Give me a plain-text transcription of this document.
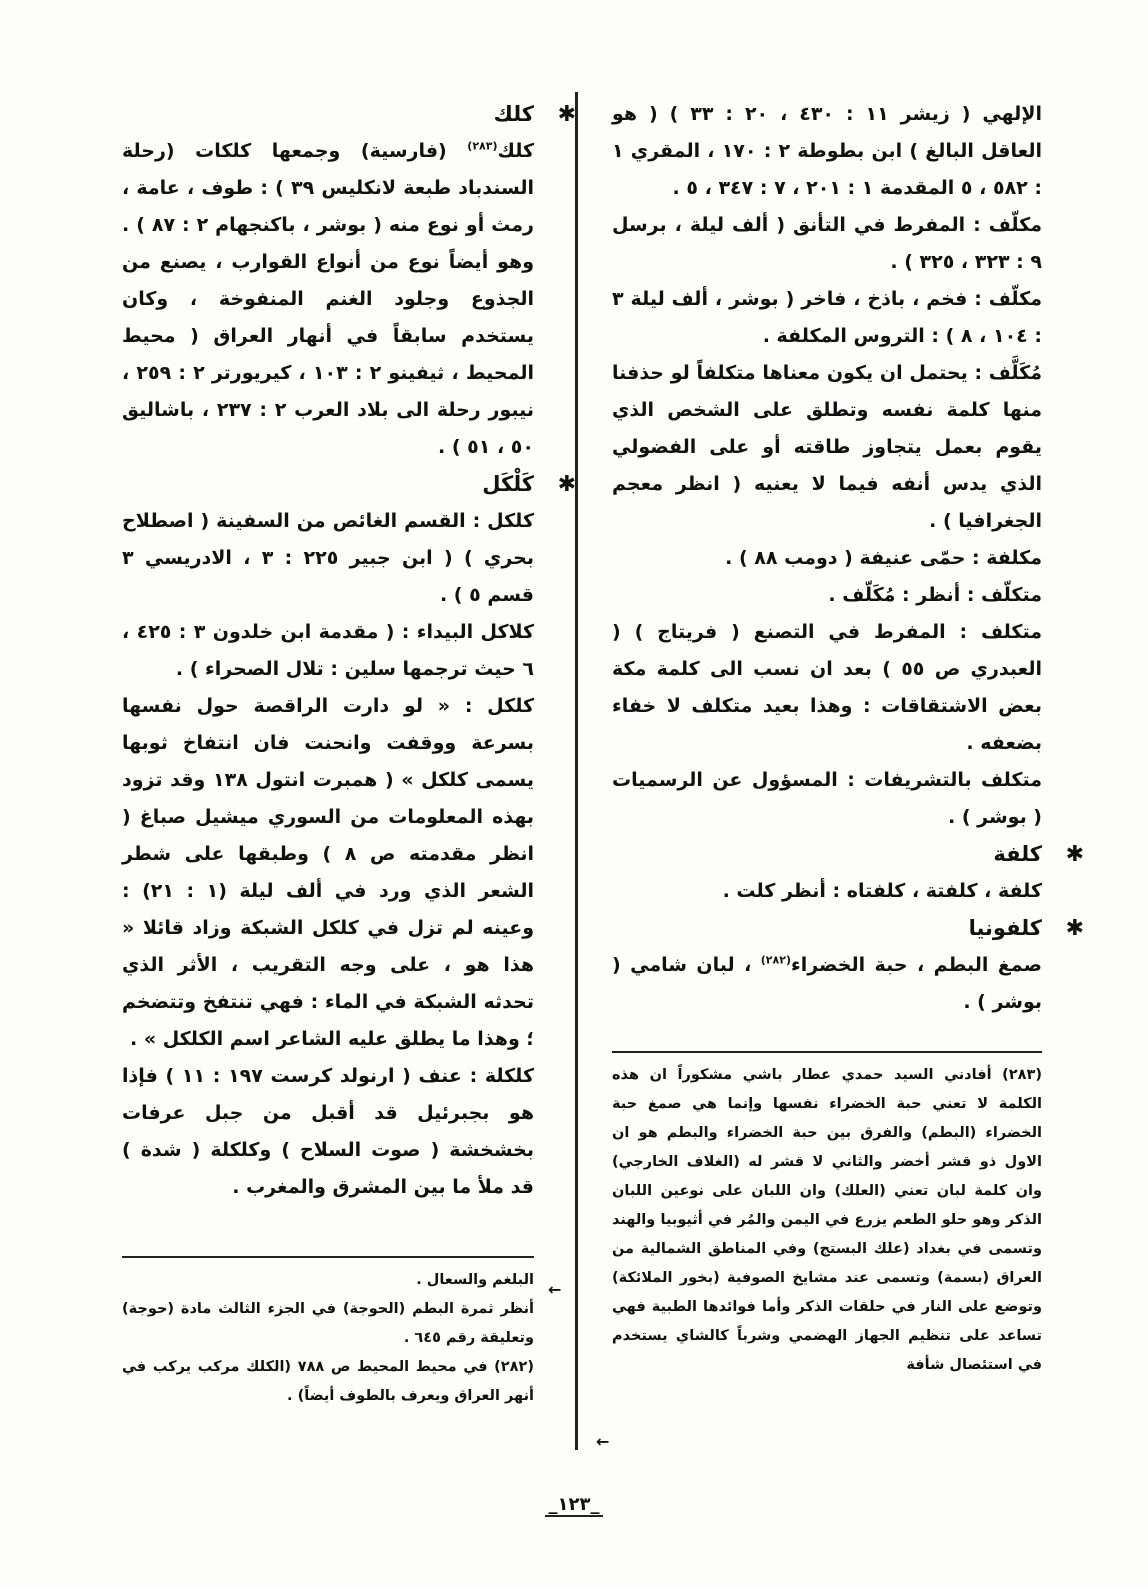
الإلهي ( زيشر ١١ : ٤٣٠ ، ٢٠ : ٣٣ ) ( هو العاقل البالغ ) ابن بطوطة ٢ : ١٧٠ ، المقري ١ : ٥٨٢ ، ٥ المقدمة ١ : ٢٠١ ، ٧ : ٣٤٧ ، ٥ .

مكلّف : المفرط في التأنق ( ألف ليلة ، برسل ٩ : ٣٢٣ ، ٣٢٥ ) .

مكلّف : فخم ، باذخ ، فاخر ( بوشر ، ألف ليلة ٣ : ١٠٤ ، ٨ ) : التروس المكلفة .

مُكَلَّف : يحتمل ان يكون معناها متكلفاً لو حذفنا منها كلمة نفسه وتطلق على الشخص الذي يقوم بعمل يتجاوز طاقته أو على الفضولي الذي يدس أنفه فيما لا يعنيه ( انظر معجم الجغرافيا ) .

مكلفة : حمّى عنيفة ( دومب ٨٨ ) .

متكلّف : أنظر : مُكَلّف .

متكلف : المفرط في التصنع ( فريتاج ) ( العبدري ص ٥٥ ) بعد ان نسب الى كلمة مكة بعض الاشتقاقات : وهذا بعيد متكلف لا خفاء بضعفه .

متكلف بالتشريفات : المسؤول عن الرسميات ( بوشر ) .

✱
كلفة

كلفة ، كلفتة ، كلفتاه : أنظر كلت .

✱
كلفونيا

صمغ البطم ، حبة الخضراء$^{(٢٨٢)}$ ، لبان شامي ( بوشر ) .

(٢٨٣) أفادني السيد حمدي عطار باشي مشكوراً ان هذه الكلمة لا تعني حبة الخضراء نفسها وإنما هي صمغ حبة الخضراء (البطم) والفرق بين حبة الخضراء والبطم هو ان الاول ذو قشر أخضر والثاني لا قشر له (الغلاف الخارجي) وان كلمة لبان تعني (العلك) وان اللبان على نوعين اللبان الذكر وهو حلو الطعم يزرع في اليمن والمُر في أثيوبيا والهند وتسمى في بغداد (علك البستج) وفي المناطق الشمالية من العراق (بسمة) وتسمى عند مشايخ الصوفية (بخور الملائكة) وتوضع على النار في حلقات الذكر وأما فوائدها الطبية فهي تساعد على تنظيم الجهاز الهضمي وشرباً كالشاي يستخدم في استئصال شأفة

←

✱
كلك

كلك$^{(٢٨٣)}$ (فارسية) وجمعها كلكات (رحلة السندباد طبعة لانكليس ٣٩ ) : طوف ، عامة ، رمث أو نوع منه ( بوشر ، باكنجهام ٢ : ٨٧ ) . وهو أيضاً نوع من أنواع القوارب ، يصنع من الجذوع وجلود الغنم المنفوخة ، وكان يستخدم سابقاً في أنهار العراق ( محيط المحيط ، ثيفينو ٢ : ١٠٣ ، كيريورتر ٢ : ٢٥٩ ، نيبور رحلة الى بلاد العرب ٢ : ٢٣٧ ، باشاليق ٥٠ ، ٥١ ) .

✱
كَلْكَل

كلكل : القسم الغائص من السفينة ( اصطلاح بحري ) ( ابن جبير ٢٢٥ : ٣ ، الادريسي ٣ قسم ٥ ) .

كلاكل البيداء : ( مقدمة ابن خلدون ٣ : ٤٢٥ ، ٦ حيث ترجمها سلين : تلال الصحراء ) .

كلكل : « لو دارت الراقصة حول نفسها بسرعة ووقفت وانحنت فان انتفاخ ثوبها يسمى كلكل » ( همبرت انتول ١٣٨ وقد تزود بهذه المعلومات من السوري ميشيل صباغ ( انظر مقدمته ص ٨ ) وطبقها على شطر الشعر الذي ورد في ألف ليلة (١ : ٢١) : وعينه لم تزل في كلكل الشبكة وزاد قائلا « هذا هو ، على وجه التقريب ، الأثر الذي تحدثه الشبكة في الماء : فهي تنتفخ وتتضخم ؛ وهذا ما يطلق عليه الشاعر اسم الكلكل » .

كلكلة : عنف ( ارنولد كرست ١٩٧ : ١١ ) فإذا هو بجبرئيل قد أقبل من جبل عرفات بخشخشة ( صوت السلاح ) وكلكلة ( شدة ) قد ملأ ما بين المشرق والمغرب .

البلغم والسعال .

أنظر ثمرة البطم (الحوجة) في الجزء الثالث مادة (حوجة) وتعليقة رقم ٦٤٥ .

(٢٨٢) في محيط المحيط ص ٧٨٨ (الكلك مركب يركب في أنهر العراق ويعرف بالطوف أيضاً) .

←
_١٢٣_
